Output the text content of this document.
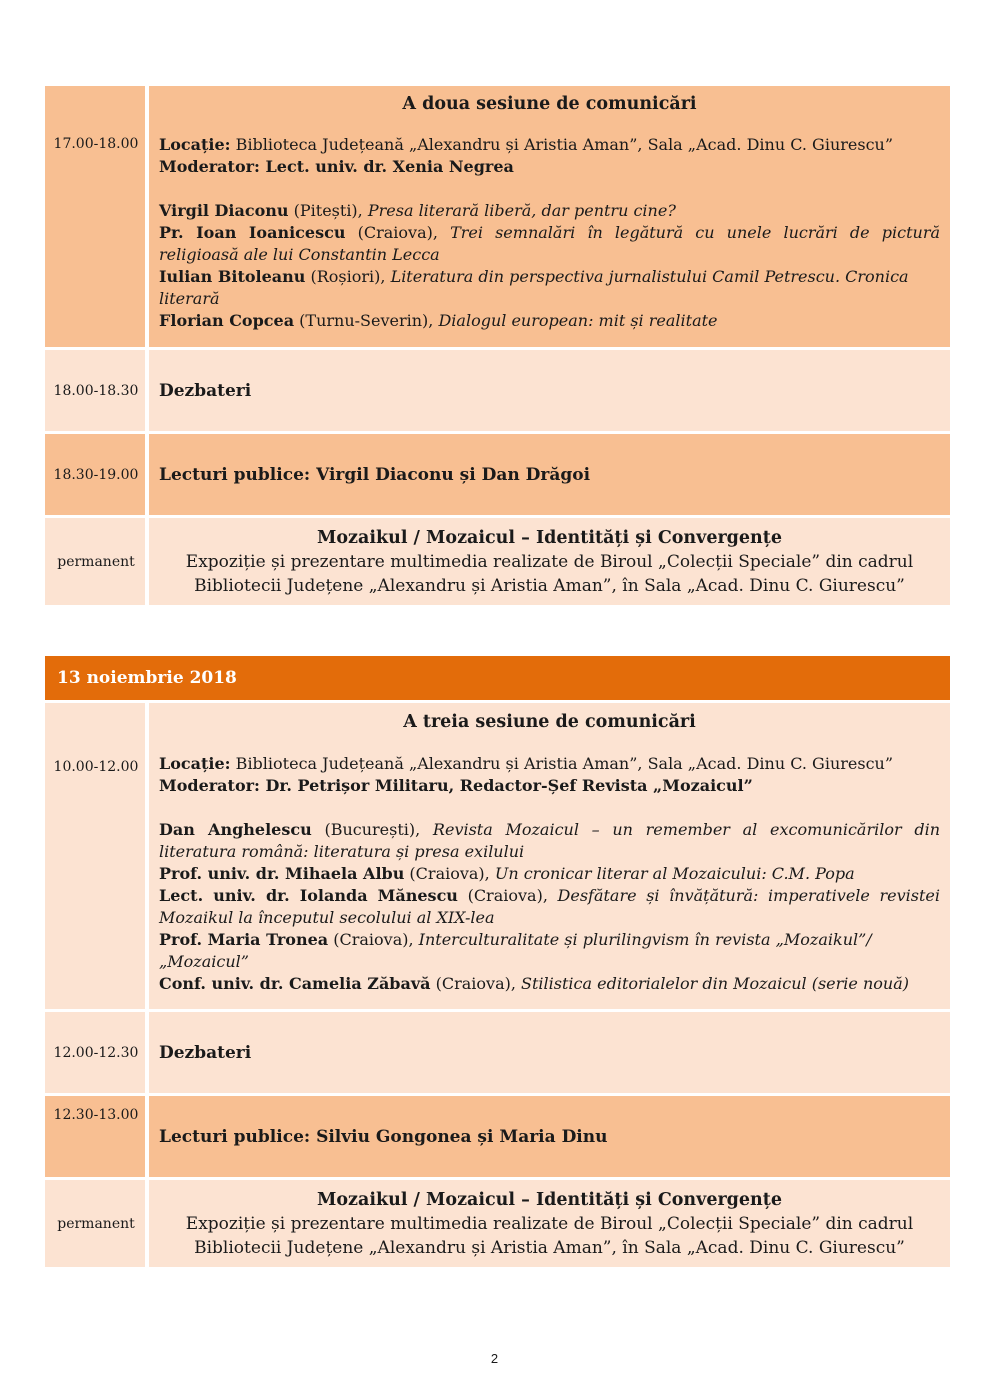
17.00-18.00
A doua sesiune de comunicări
Locație: Biblioteca Județeană „Alexandru și Aristia Aman”, Sala „Acad. Dinu C. Giurescu”
Moderator: Lect. univ. dr. Xenia Negrea
Virgil Diaconu (Pitești), Presa literară liberă, dar pentru cine?
Pr. Ioan Ioanicescu (Craiova), Trei semnalări în legătură cu unele lucrări de pictură religioasă ale lui Constantin Lecca
Iulian Bitoleanu (Roșiori), Literatura din perspectiva jurnalistului Camil Petrescu. Cronica literară
Florian Copcea (Turnu-Severin), Dialogul european: mit și realitate
18.00-18.30 Dezbateri
18.30-19.00 Lecturi publice: Virgil Diaconu și Dan Drăgoi
permanent
Mozaikul / Mozaicul – Identități și Convergențe
Expoziție și prezentare multimedia realizate de Biroul „Colecții Speciale” din cadrul
Bibliotecii Județene „Alexandru și Aristia Aman”, în Sala „Acad. Dinu C. Giurescu”
13 noiembrie 2018
10.00-12.00
A treia sesiune de comunicări
Locație: Biblioteca Județeană „Alexandru și Aristia Aman”, Sala „Acad. Dinu C. Giurescu”
Moderator: Dr. Petrișor Militaru, Redactor-Șef Revista „Mozaicul”
Dan Anghelescu (București), Revista Mozaicul – un remember al excomunicărilor din literatura română: literatura și presa exilului
Prof. univ. dr. Mihaela Albu (Craiova), Un cronicar literar al Mozaicului: C.M. Popa
Lect. univ. dr. Iolanda Mănescu (Craiova), Desfătare și învățătură: imperativele revistei Mozaikul la începutul secolului al XIX-lea
Prof. Maria Tronea (Craiova), Interculturalitate și plurilingvism în revista „Mozaikul”/„Mozaicul”
Conf. univ. dr. Camelia Zăbavă (Craiova), Stilistica editorialelor din Mozaicul (serie nouă)
12.00-12.30 Dezbateri
12.30-13.00
Lecturi publice: Silviu Gongonea și Maria Dinu
permanent
Mozaikul / Mozaicul – Identități și Convergențe
Expoziție și prezentare multimedia realizate de Biroul „Colecții Speciale” din cadrul
Bibliotecii Județene „Alexandru și Aristia Aman”, în Sala „Acad. Dinu C. Giurescu”
2
